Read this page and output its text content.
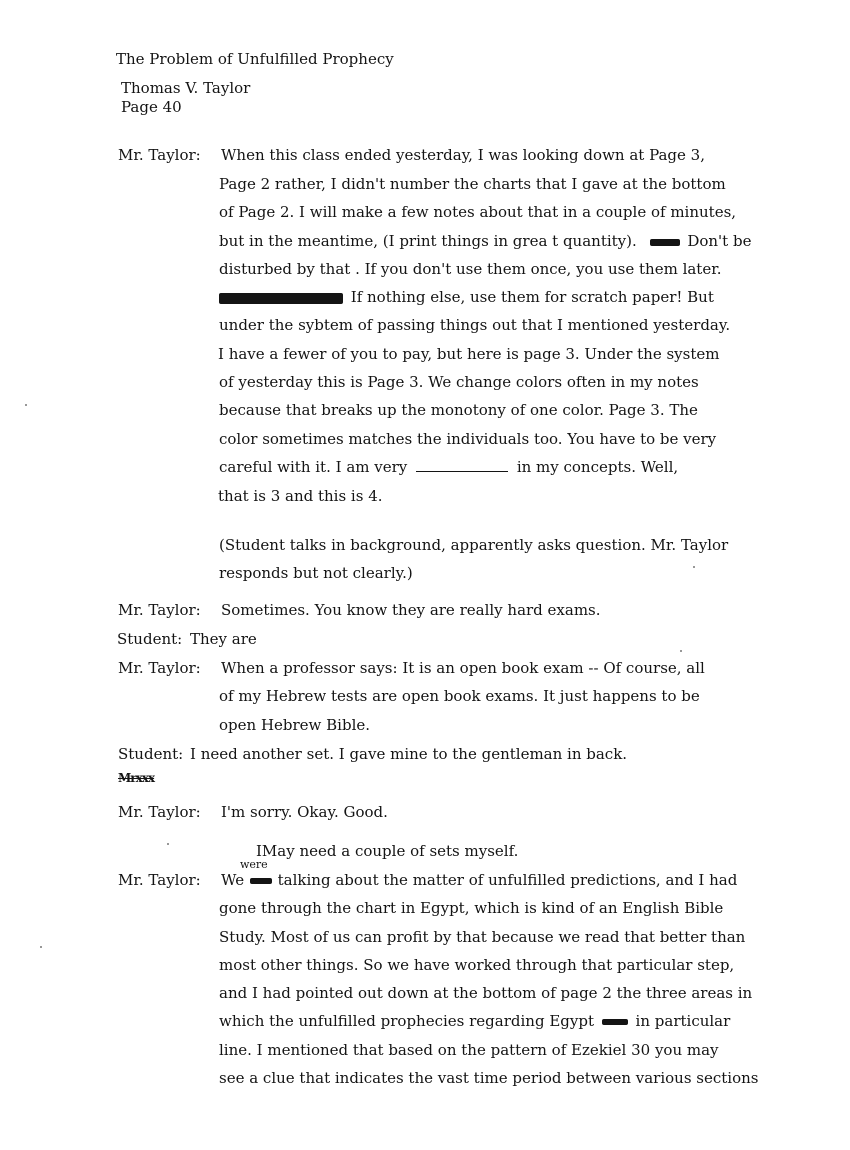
The Problem of Unfulfilled Prophecy
Thomas V. Taylor
Page 40
Mr. Taylor: When this class ended yesterday, I was looking down at Page 3,
Page 2 rather, I didn't number the charts that I gave at the bottom
of Page 2. I will make a few notes about that in a couple of minutes,
but in the meantime, (I print things in grea t quantity).	Don't be
disturbed by that . If you don't use them once, you use them later.
If nothing else, use them for scratch paper! But
under the sybtem of passing things out that I mentioned yesterday.
I have a fewer of you to pay, but here is page 3. Under the system
of yesterday this is Page 3. We change colors often in my notes
because that breaks up the monotony of one color. Page 3. The
color sometimes matches the individuals too. You have to be very
careful with it. I am very	in my concepts. Well,
that is 3 and this is 4.
(Student talks in background, apparently asks question. Mr. Taylor
responds but not clearly.)
Mr. Taylor: Sometimes. You know they are really hard exams.
Student: They are
Mr. Taylor: When a professor says: It is an open book exam -- Of course, all
of my Hebrew tests are open book exams. It just happens to be
open Hebrew Bible.
Student: I need another set. I gave mine to the gentleman in back.
Mrxxx
Mr. Taylor: I'm sorry. Okay. Good.
IMay need a couple of sets myself.
were
Mr. Taylor: We talking about the matter of unfulfilled predictions, and I had
gone through the chart in Egypt, which is kind of an English Bible
Study. Most of us can profit by that because we read that better than
most other things. So we have worked through that particular step,
and I had pointed out down at the bottom of page 2 the three areas in
which the unfulfilled prophecies regarding Egypt	in particular
line. I mentioned that based on the pattern of Ezekiel 30 you may
see a clue that indicates the vast time period between various sections
